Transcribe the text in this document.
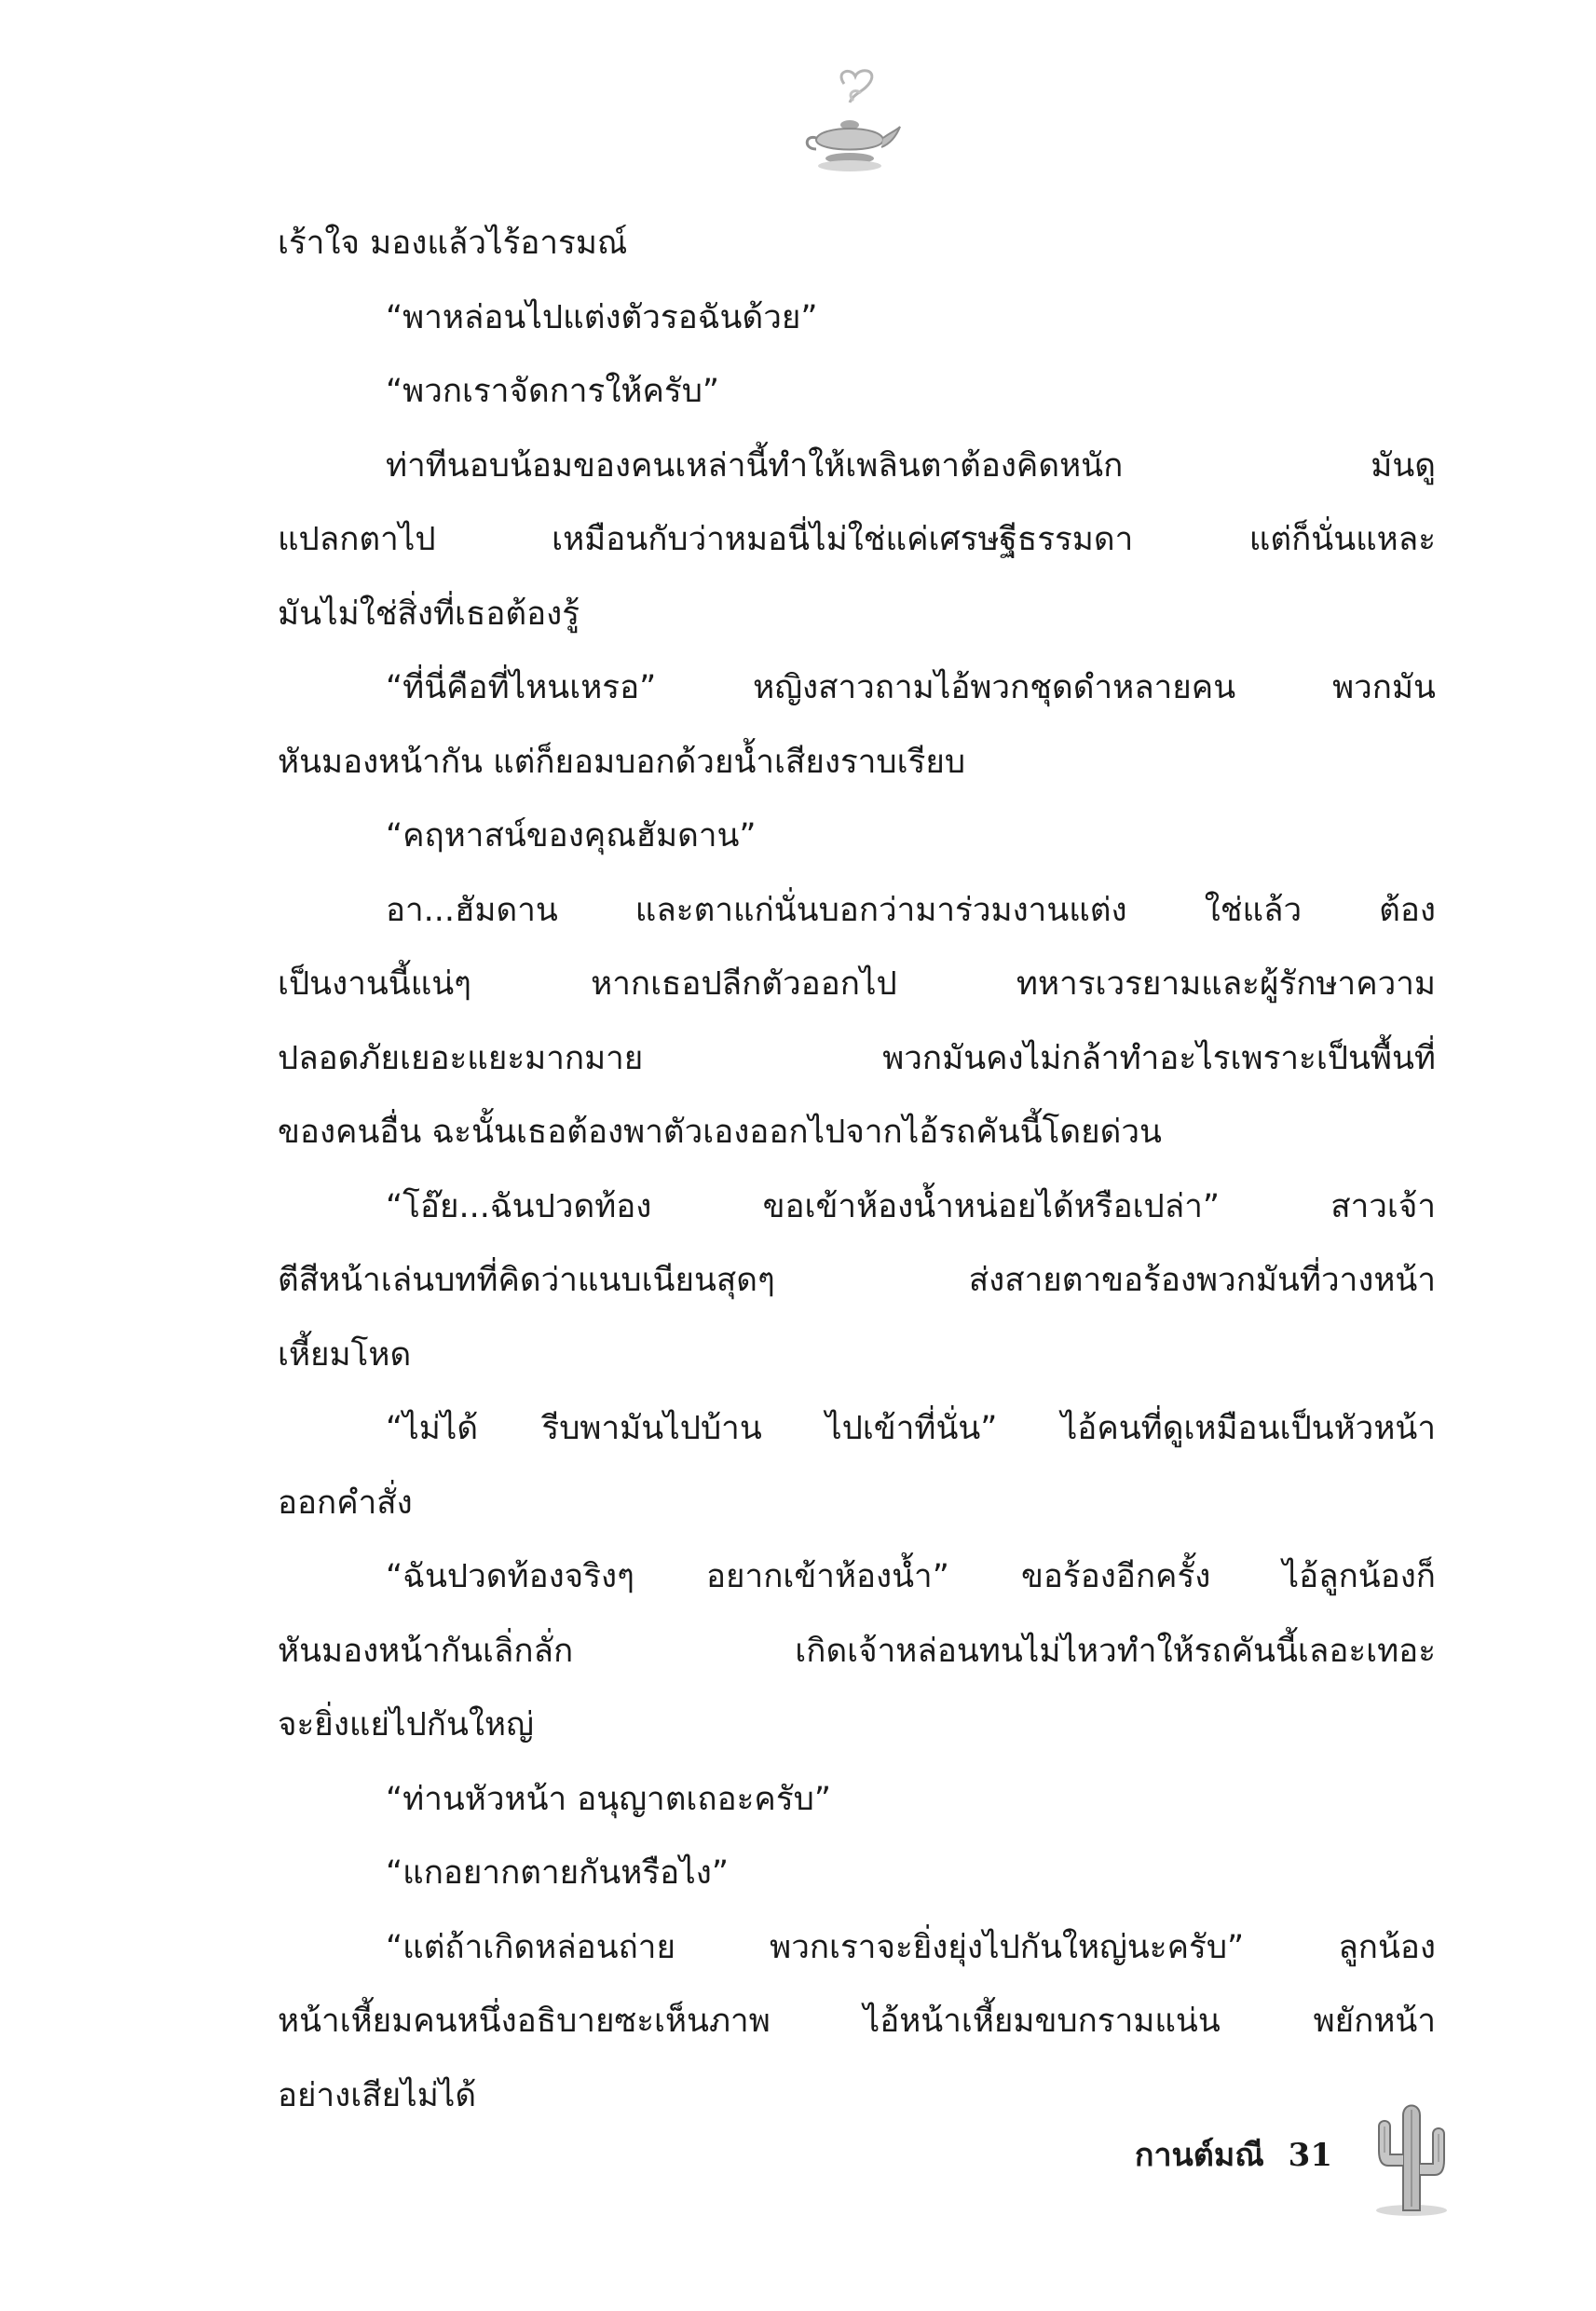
เร้าใจ มองแล้วไร้อารมณ์
“พาหล่อนไปแต่งตัวรอฉันด้วย”
“พวกเราจัดการให้ครับ”
ท่าทีนอบน้อมของคนเหล่านี้ทำให้เพลินตาต้องคิดหนัก มันดู
แปลกตาไป เหมือนกับว่าหมอนี่ไม่ใช่แค่เศรษฐีธรรมดา แต่ก็นั่นแหละ
มันไม่ใช่สิ่งที่เธอต้องรู้
“ที่นี่คือที่ไหนเหรอ” หญิงสาวถามไอ้พวกชุดดำหลายคน พวกมัน
หันมองหน้ากัน แต่ก็ยอมบอกด้วยน้ำเสียงราบเรียบ
“คฤหาสน์ของคุณฮัมดาน”
อา...ฮัมดาน และตาแก่นั่นบอกว่ามาร่วมงานแต่ง ใช่แล้ว ต้อง
เป็นงานนี้แน่ๆ หากเธอปลีกตัวออกไป ทหารเวรยามและผู้รักษาความ
ปลอดภัยเยอะแยะมากมาย พวกมันคงไม่กล้าทำอะไรเพราะเป็นพื้นที่
ของคนอื่น ฉะนั้นเธอต้องพาตัวเองออกไปจากไอ้รถคันนี้โดยด่วน
“โอ๊ย...ฉันปวดท้อง ขอเข้าห้องน้ำหน่อยได้หรือเปล่า” สาวเจ้า
ตีสีหน้าเล่นบทที่คิดว่าแนบเนียนสุดๆ ส่งสายตาขอร้องพวกมันที่วางหน้า
เหี้ยมโหด
“ไม่ได้ รีบพามันไปบ้าน ไปเข้าที่นั่น” ไอ้คนที่ดูเหมือนเป็นหัวหน้า
ออกคำสั่ง
“ฉันปวดท้องจริงๆ อยากเข้าห้องน้ำ” ขอร้องอีกครั้ง ไอ้ลูกน้องก็
หันมองหน้ากันเลิ่กลั่ก เกิดเจ้าหล่อนทนไม่ไหวทำให้รถคันนี้เลอะเทอะ
จะยิ่งแย่ไปกันใหญ่
“ท่านหัวหน้า อนุญาตเถอะครับ”
“แกอยากตายกันหรือไง”
“แต่ถ้าเกิดหล่อนถ่าย พวกเราจะยิ่งยุ่งไปกันใหญ่นะครับ” ลูกน้อง
หน้าเหี้ยมคนหนึ่งอธิบายซะเห็นภาพ ไอ้หน้าเหี้ยมขบกรามแน่น พยักหน้า
อย่างเสียไม่ได้
กานต์มณี 31
